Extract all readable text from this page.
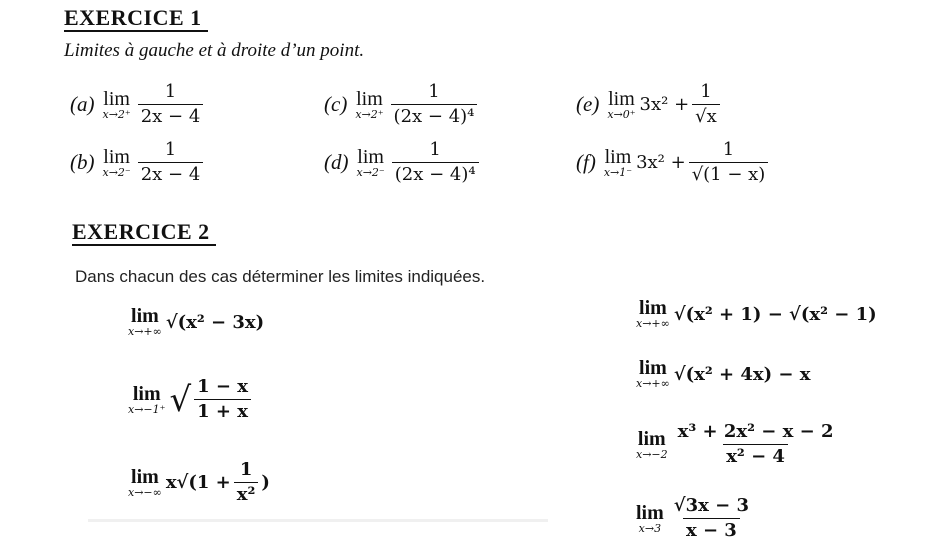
EXERCICE 1
Limites à gauche et à droite d’un point.
(a) lim
$x\to 2^+ \frac{1}{2x - 4}$
(b) lim
$x\to 2^- \frac{1}{2x - 4}$
(c) lim
$x\to 2^+ \frac{1}{\text{(2x − 4)⁴}}$
(d) lim
$x\to 2^- \frac{1}{\text{(2x − 4)⁴}}$
(e) lim
x→0⁺ $3x^2 + \frac{1}{√x}$
(f) lim
x→1⁻ $3x^2 + \frac{1}{√(1 - x)}$
EXERCICE 2
Dans chacun des cas déterminer les limites indiquées.
lim
x→+∞ √(x² − 3x)
lim
x→−1⁺ √ $\frac{1 - x}{1 + x}$
lim
x→−∞ $x√(1 + \frac{1}{\text{x²}}$ )
lim
x→+∞ √(x² + 1) − √(x² − 1)
lim
x→+∞ √(x² + 4x) − x
lim
$x\to-2 \frac{\text{x³ + 2x² − x − 2}}{\text{x² − 4}}$
lim
$x\to 3 \frac{√3x - 3}{x - 3}$
